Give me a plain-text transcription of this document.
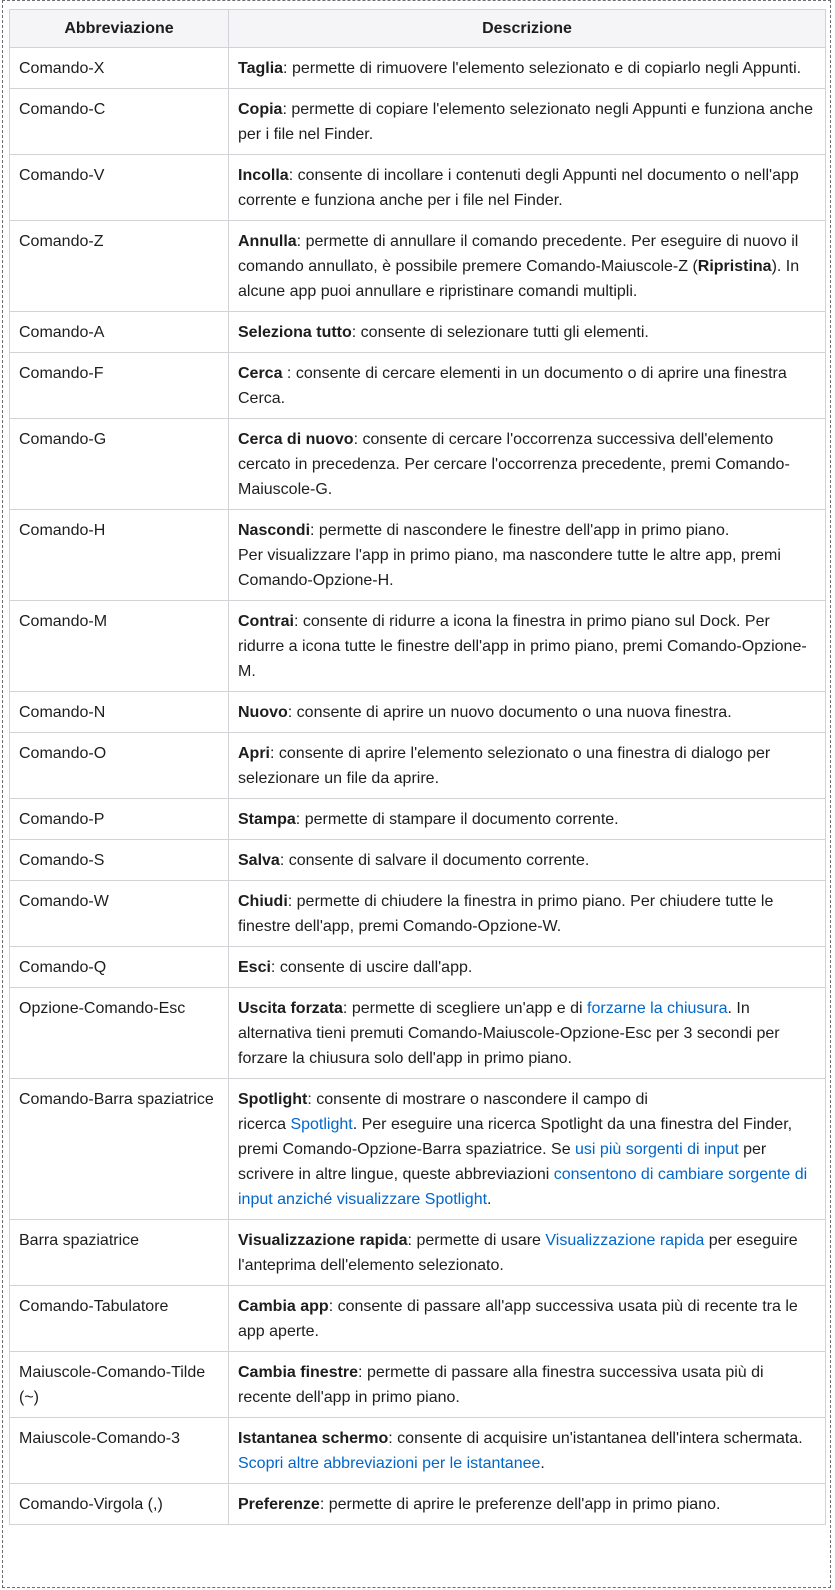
Abbreviazione	Descrizione
Comando-X	Taglia: permette di rimuovere l'elemento selezionato e di copiarlo negli Appunti.
Comando-C	Copia: permette di copiare l'elemento selezionato negli Appunti e funziona anche per i file nel Finder.
Comando-V	Incolla: consente di incollare i contenuti degli Appunti nel documento o nell'app corrente e funziona anche per i file nel Finder.
Comando-Z	Annulla: permette di annullare il comando precedente. Per eseguire di nuovo il comando annullato, è possibile premere Comando-Maiuscole-Z (Ripristina). In alcune app puoi annullare e ripristinare comandi multipli.
Comando-A	Seleziona tutto: consente di selezionare tutti gli elementi.
Comando-F	Cerca : consente di cercare elementi in un documento o di aprire una finestra Cerca.
Comando-G	Cerca di nuovo: consente di cercare l'occorrenza successiva dell'elemento cercato in precedenza. Per cercare l'occorrenza precedente, premi Comando-Maiuscole-G.
Comando-H	Nascondi: permette di nascondere le finestre dell'app in primo piano.
Per visualizzare l'app in primo piano, ma nascondere tutte le altre app, premi Comando-Opzione-H.
Comando-M	Contrai: consente di ridurre a icona la finestra in primo piano sul Dock. Per ridurre a icona tutte le finestre dell'app in primo piano, premi Comando-Opzione-M.
Comando-N	Nuovo: consente di aprire un nuovo documento o una nuova finestra.
Comando-O	Apri: consente di aprire l'elemento selezionato o una finestra di dialogo per selezionare un file da aprire.
Comando-P	Stampa: permette di stampare il documento corrente.
Comando-S	Salva: consente di salvare il documento corrente.
Comando-W	Chiudi: permette di chiudere la finestra in primo piano. Per chiudere tutte le finestre dell'app, premi Comando-Opzione-W.
Comando-Q	Esci: consente di uscire dall'app.
Opzione-Comando-Esc	Uscita forzata: permette di scegliere un'app e di forzarne la chiusura. In alternativa tieni premuti Comando-Maiuscole-Opzione-Esc per 3 secondi per forzare la chiusura solo dell'app in primo piano.
Comando-Barra spaziatrice	Spotlight: consente di mostrare o nascondere il campo di
ricerca Spotlight. Per eseguire una ricerca Spotlight da una finestra del Finder, premi Comando-Opzione-Barra spaziatrice. Se usi più sorgenti di input per scrivere in altre lingue, queste abbreviazioni consentono di cambiare sorgente di input anziché visualizzare Spotlight.
Barra spaziatrice	Visualizzazione rapida: permette di usare Visualizzazione rapida per eseguire l'anteprima dell'elemento selezionato.
Comando-Tabulatore	Cambia app: consente di passare all'app successiva usata più di recente tra le app aperte.
Maiuscole-Comando-Tilde (~)	Cambia finestre: permette di passare alla finestra successiva usata più di recente dell'app in primo piano.
Maiuscole-Comando-3	Istantanea schermo: consente di acquisire un'istantanea dell'intera schermata. Scopri altre abbreviazioni per le istantanee.
Comando-Virgola (,)	Preferenze: permette di aprire le preferenze dell'app in primo piano.
